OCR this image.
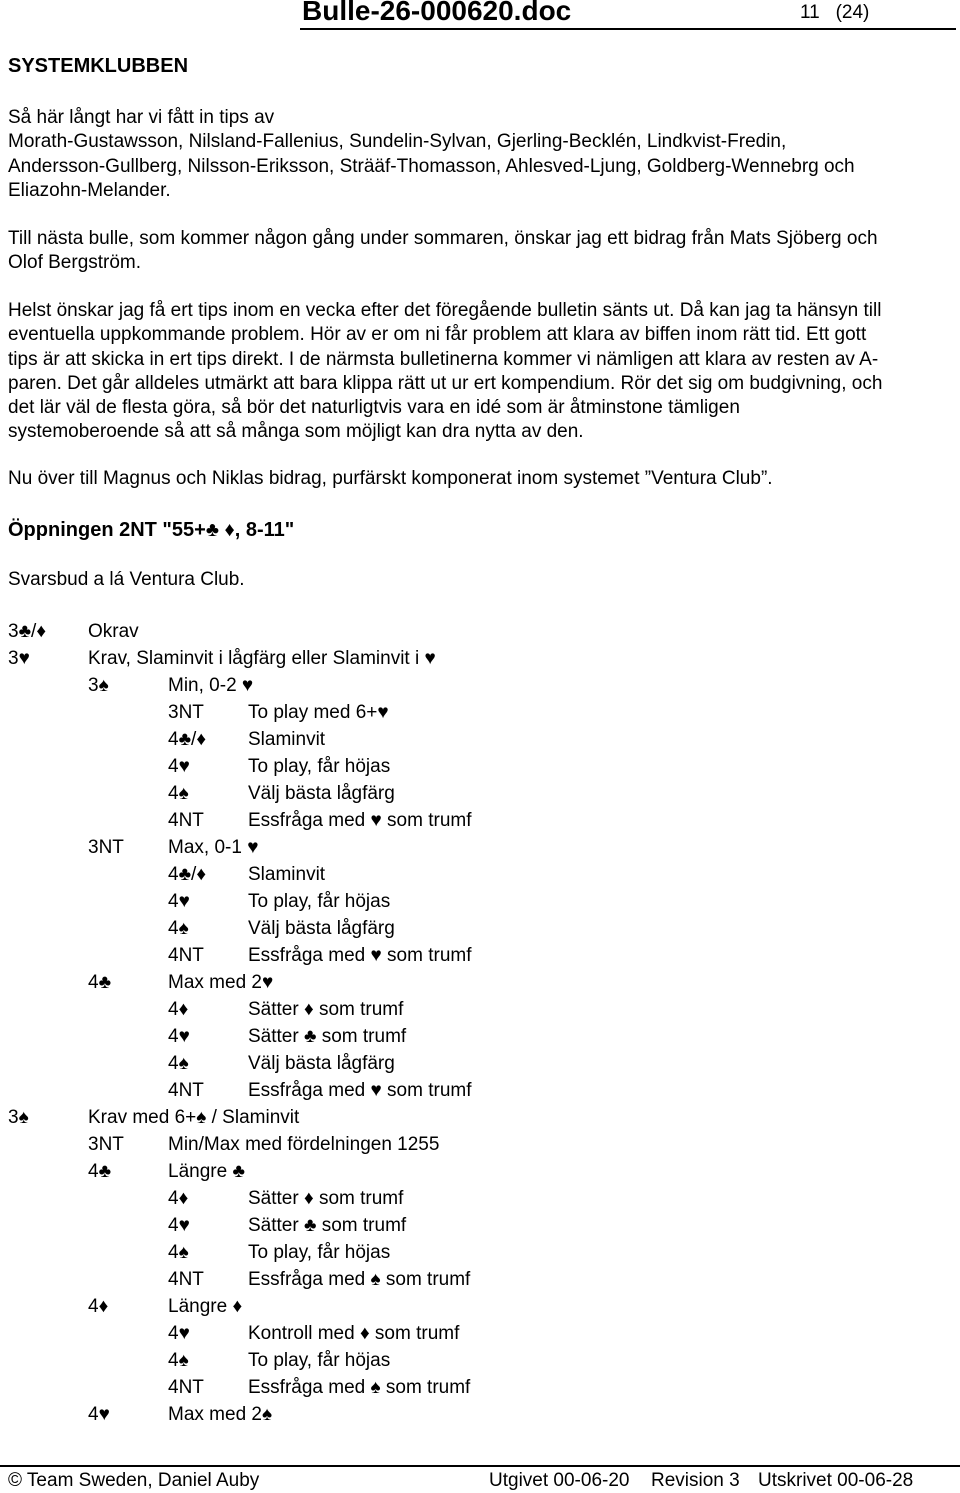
Bulle-26-000620.doc	11 (24)
SYSTEMKLUBBEN
Så här långt har vi fått in tips av
Morath-Gustawsson, Nilsland-Fallenius, Sundelin-Sylvan, Gjerling-Becklén, Lindkvist-Fredin,
Andersson-Gullberg, Nilsson-Eriksson, Strääf-Thomasson, Ahlesved-Ljung, Goldberg-Wennebrg och
Eliazohn-Melander.
Till nästa bulle, som kommer någon gång under sommaren, önskar jag ett bidrag från Mats Sjöberg och
Olof Bergström.
Helst önskar jag få ert tips inom en vecka efter det föregående bulletin sänts ut. Då kan jag ta hänsyn till
eventuella uppkommande problem. Hör av er om ni får problem att klara av biffen inom rätt tid. Ett gott
tips är att skicka in ert tips direkt. I de närmsta bulletinerna kommer vi nämligen att klara av resten av A-
paren. Det går alldeles utmärkt att bara klippa rätt ut ur ert kompendium. Rör det sig om budgivning, och
det lär väl de flesta göra, så bör det naturligtvis vara en idé som är åtminstone tämligen
systemoberoende så att så många som möjligt kan dra nytta av den.
Nu över till Magnus och Niklas bidrag, purfärskt komponerat inom systemet ”Ventura Club”.
Öppningen 2NT "55+♣ ♦, 8-11"
Svarsbud a lá Ventura Club.
3♣/♦ Okrav
3♥	Krav, Slaminvit i lågfärg eller Slaminvit i ♥
3♠	Min, 0-2 ♥
3NT To play med 6+♥
4♣/♦ Slaminvit
4♥	To play, får höjas
4♠	Välj bästa lågfärg
4NT Essfråga med ♥ som trumf
3NT Max, 0-1 ♥
4♣/♦ Slaminvit
4♥	To play, får höjas
4♠	Välj bästa lågfärg
4NT Essfråga med ♥ som trumf
4♣	Max med 2♥
4♦	Sätter ♦ som trumf
4♥	Sätter ♣ som trumf
4♠	Välj bästa lågfärg
4NT Essfråga med ♥ som trumf
3♠	Krav med 6+♠ / Slaminvit
3NT Min/Max med fördelningen 1255
4♣	Längre ♣
4♦	Sätter ♦ som trumf
4♥	Sätter ♣ som trumf
4♠	To play, får höjas
4NT Essfråga med ♠ som trumf
4♦	Längre ♦
4♥	Kontroll med ♦ som trumf
4♠	To play, får höjas
4NT Essfråga med ♠ som trumf
4♥	Max med 2♠
© Team Sweden, Daniel Auby	Utgivet 00-06-20 Revision 3 Utskrivet 00-06-28
